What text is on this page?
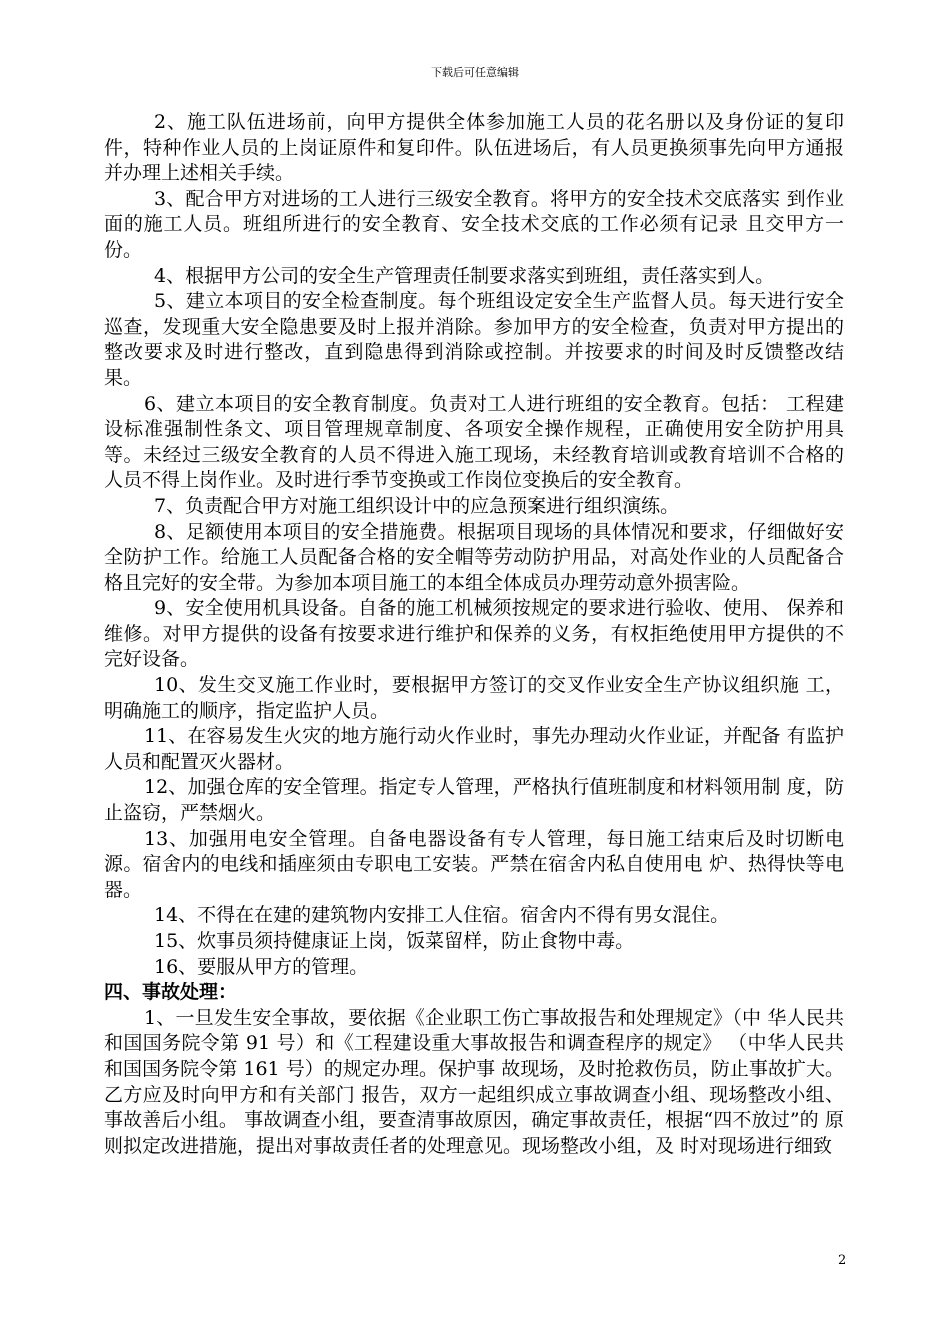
下载后可任意编辑

2、施工队伍进场前，向甲方提供全体参加施工人员的花名册以及身份证的复印件，特种作业人员的上岗证原件和复印件。队伍进场后，有人员更换须事先向甲方通报并办理上述相关手续。

3、配合甲方对进场的工人进行三级安全教育。将甲方的安全技术交底落实 到作业面的施工人员。班组所进行的安全教育、安全技术交底的工作必须有记录 且交甲方一份。

4、根据甲方公司的安全生产管理责任制要求落实到班组，责任落实到人。

5、建立本项目的安全检查制度。每个班组设定安全生产监督人员。每天进行安全巡查，发现重大安全隐患要及时上报并消除。参加甲方的安全检查，负责对甲方提出的整改要求及时进行整改，直到隐患得到消除或控制。并按要求的时间及时反馈整改结果。

6、建立本项目的安全教育制度。负责对工人进行班组的安全教育。包括： 工程建设标准强制性条文、项目管理规章制度、各项安全操作规程，正确使用安全防护用具等。未经过三级安全教育的人员不得进入施工现场，未经教育培训或教育培训不合格的人员不得上岗作业。及时进行季节变换或工作岗位变换后的安全教育。

7、负责配合甲方对施工组织设计中的应急预案进行组织演练。

8、足额使用本项目的安全措施费。根据项目现场的具体情况和要求，仔细做好安全防护工作。给施工人员配备合格的安全帽等劳动防护用品，对高处作业的人员配备合格且完好的安全带。为参加本项目施工的本组全体成员办理劳动意外损害险。

9、安全使用机具设备。自备的施工机械须按规定的要求进行验收、使用、 保养和维修。对甲方提供的设备有按要求进行维护和保养的义务，有权拒绝使用甲方提供的不完好设备。

10、发生交叉施工作业时，要根据甲方签订的交叉作业安全生产协议组织施 工，明确施工的顺序，指定监护人员。

11、在容易发生火灾的地方施行动火作业时，事先办理动火作业证，并配备 有监护人员和配置灭火器材。

12、加强仓库的安全管理。指定专人管理，严格执行值班制度和材料领用制 度，防止盗窃，严禁烟火。

13、加强用电安全管理。自备电器设备有专人管理，每日施工结束后及时切断电 源。宿舍内的电线和插座须由专职电工安装。严禁在宿舍内私自使用电 炉、热得快等电器。

14、不得在在建的建筑物内安排工人住宿。宿舍内不得有男女混住。

15、炊事员须持健康证上岗，饭菜留样，防止食物中毒。

16、要服从甲方的管理。

四、事故处理：

1、一旦发生安全事故，要依据《企业职工伤亡事故报告和处理规定》（中 华人民共和国国务院令第 91 号）和《工程建设重大事故报告和调查程序的规定》 （中华人民共和国国务院令第 161 号）的规定办理。保护事 故现场，及时抢救伤员，防止事故扩大。乙方应及时向甲方和有关部门 报告，双方一起组织成立事故调查小组、现场整改小组、事故善后小组。 事故调查小组，要查清事故原因，确定事故责任，根据“四不放过”的 原则拟定改进措施，提出对事故责任者的处理意见。现场整改小组，及 时对现场进行细致

2
